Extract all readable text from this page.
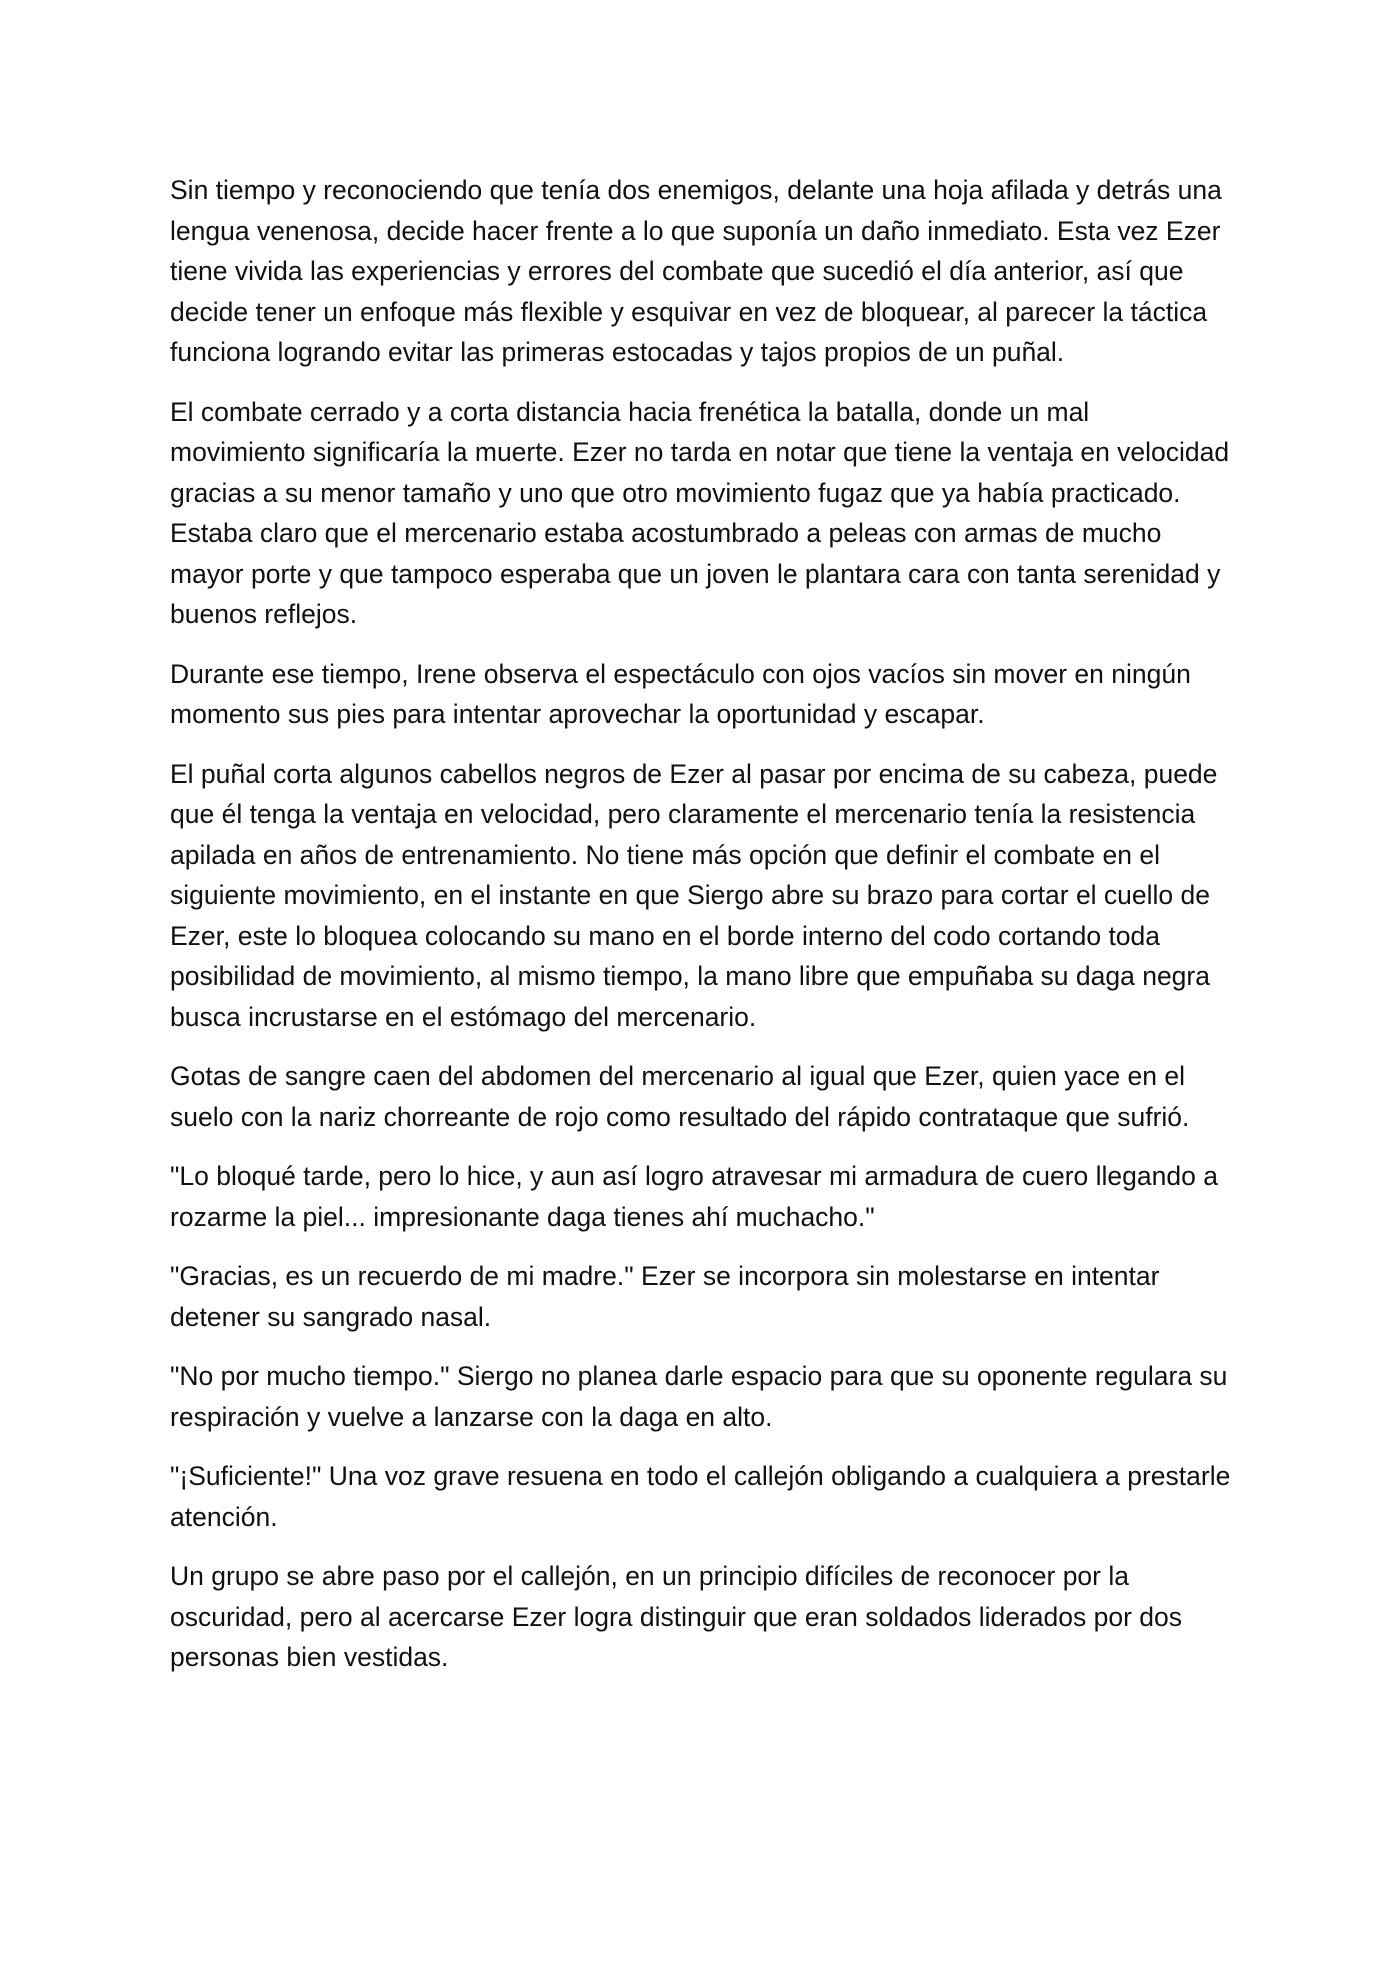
Sin tiempo y reconociendo que tenía dos enemigos, delante una hoja afilada y detrás una lengua venenosa, decide hacer frente a lo que suponía un daño inmediato. Esta vez Ezer tiene vivida las experiencias y errores del combate que sucedió el día anterior, así que decide tener un enfoque más flexible y esquivar en vez de bloquear, al parecer la táctica funciona logrando evitar las primeras estocadas y tajos propios de un puñal.

El combate cerrado y a corta distancia hacia frenética la batalla, donde un mal movimiento significaría la muerte. Ezer no tarda en notar que tiene la ventaja en velocidad gracias a su menor tamaño y uno que otro movimiento fugaz que ya había practicado. Estaba claro que el mercenario estaba acostumbrado a peleas con armas de mucho mayor porte y que tampoco esperaba que un joven le plantara cara con tanta serenidad y buenos reflejos.

Durante ese tiempo, Irene observa el espectáculo con ojos vacíos sin mover en ningún momento sus pies para intentar aprovechar la oportunidad y escapar.

El puñal corta algunos cabellos negros de Ezer al pasar por encima de su cabeza, puede que él tenga la ventaja en velocidad, pero claramente el mercenario tenía la resistencia apilada en años de entrenamiento. No tiene más opción que definir el combate en el siguiente movimiento, en el instante en que Siergo abre su brazo para cortar el cuello de Ezer, este lo bloquea colocando su mano en el borde interno del codo cortando toda posibilidad de movimiento, al mismo tiempo, la mano libre que empuñaba su daga negra busca incrustarse en el estómago del mercenario.

Gotas de sangre caen del abdomen del mercenario al igual que Ezer, quien yace en el suelo con la nariz chorreante de rojo como resultado del rápido contrataque que sufrió.

"Lo bloqué tarde, pero lo hice, y aun así logro atravesar mi armadura de cuero llegando a rozarme la piel... impresionante daga tienes ahí muchacho."

"Gracias, es un recuerdo de mi madre." Ezer se incorpora sin molestarse en intentar detener su sangrado nasal.

"No por mucho tiempo." Siergo no planea darle espacio para que su oponente regulara su respiración y vuelve a lanzarse con la daga en alto.

"¡Suficiente!" Una voz grave resuena en todo el callejón obligando a cualquiera a prestarle atención.

Un grupo se abre paso por el callejón, en un principio difíciles de reconocer por la oscuridad, pero al acercarse Ezer logra distinguir que eran soldados liderados por dos personas bien vestidas.
